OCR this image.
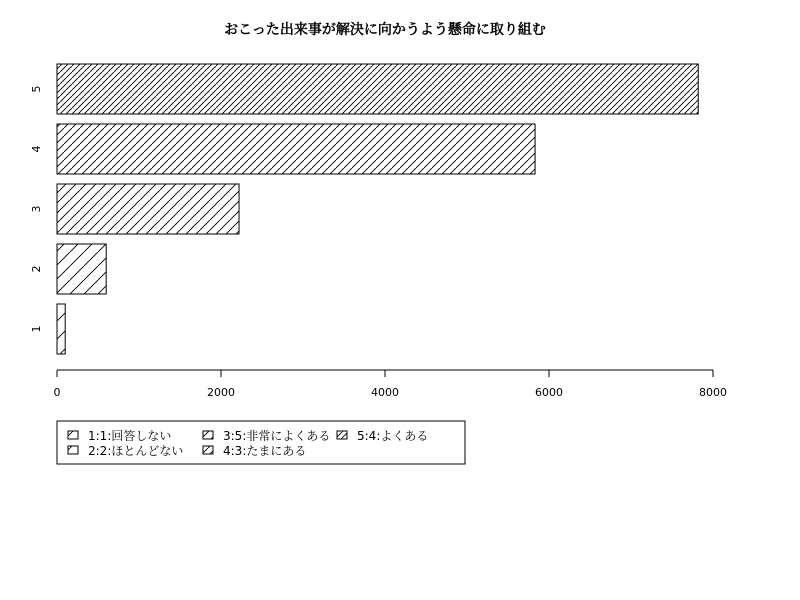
おこった出来事が解決に向かうよう懸命に取り組む
1
2
3
4
5
0	2000	4000	6000	8000
1:1:回答しない
2:2:ほとんどない
3:5:非常によくある
4:3:たまにある
5:4:よくある
